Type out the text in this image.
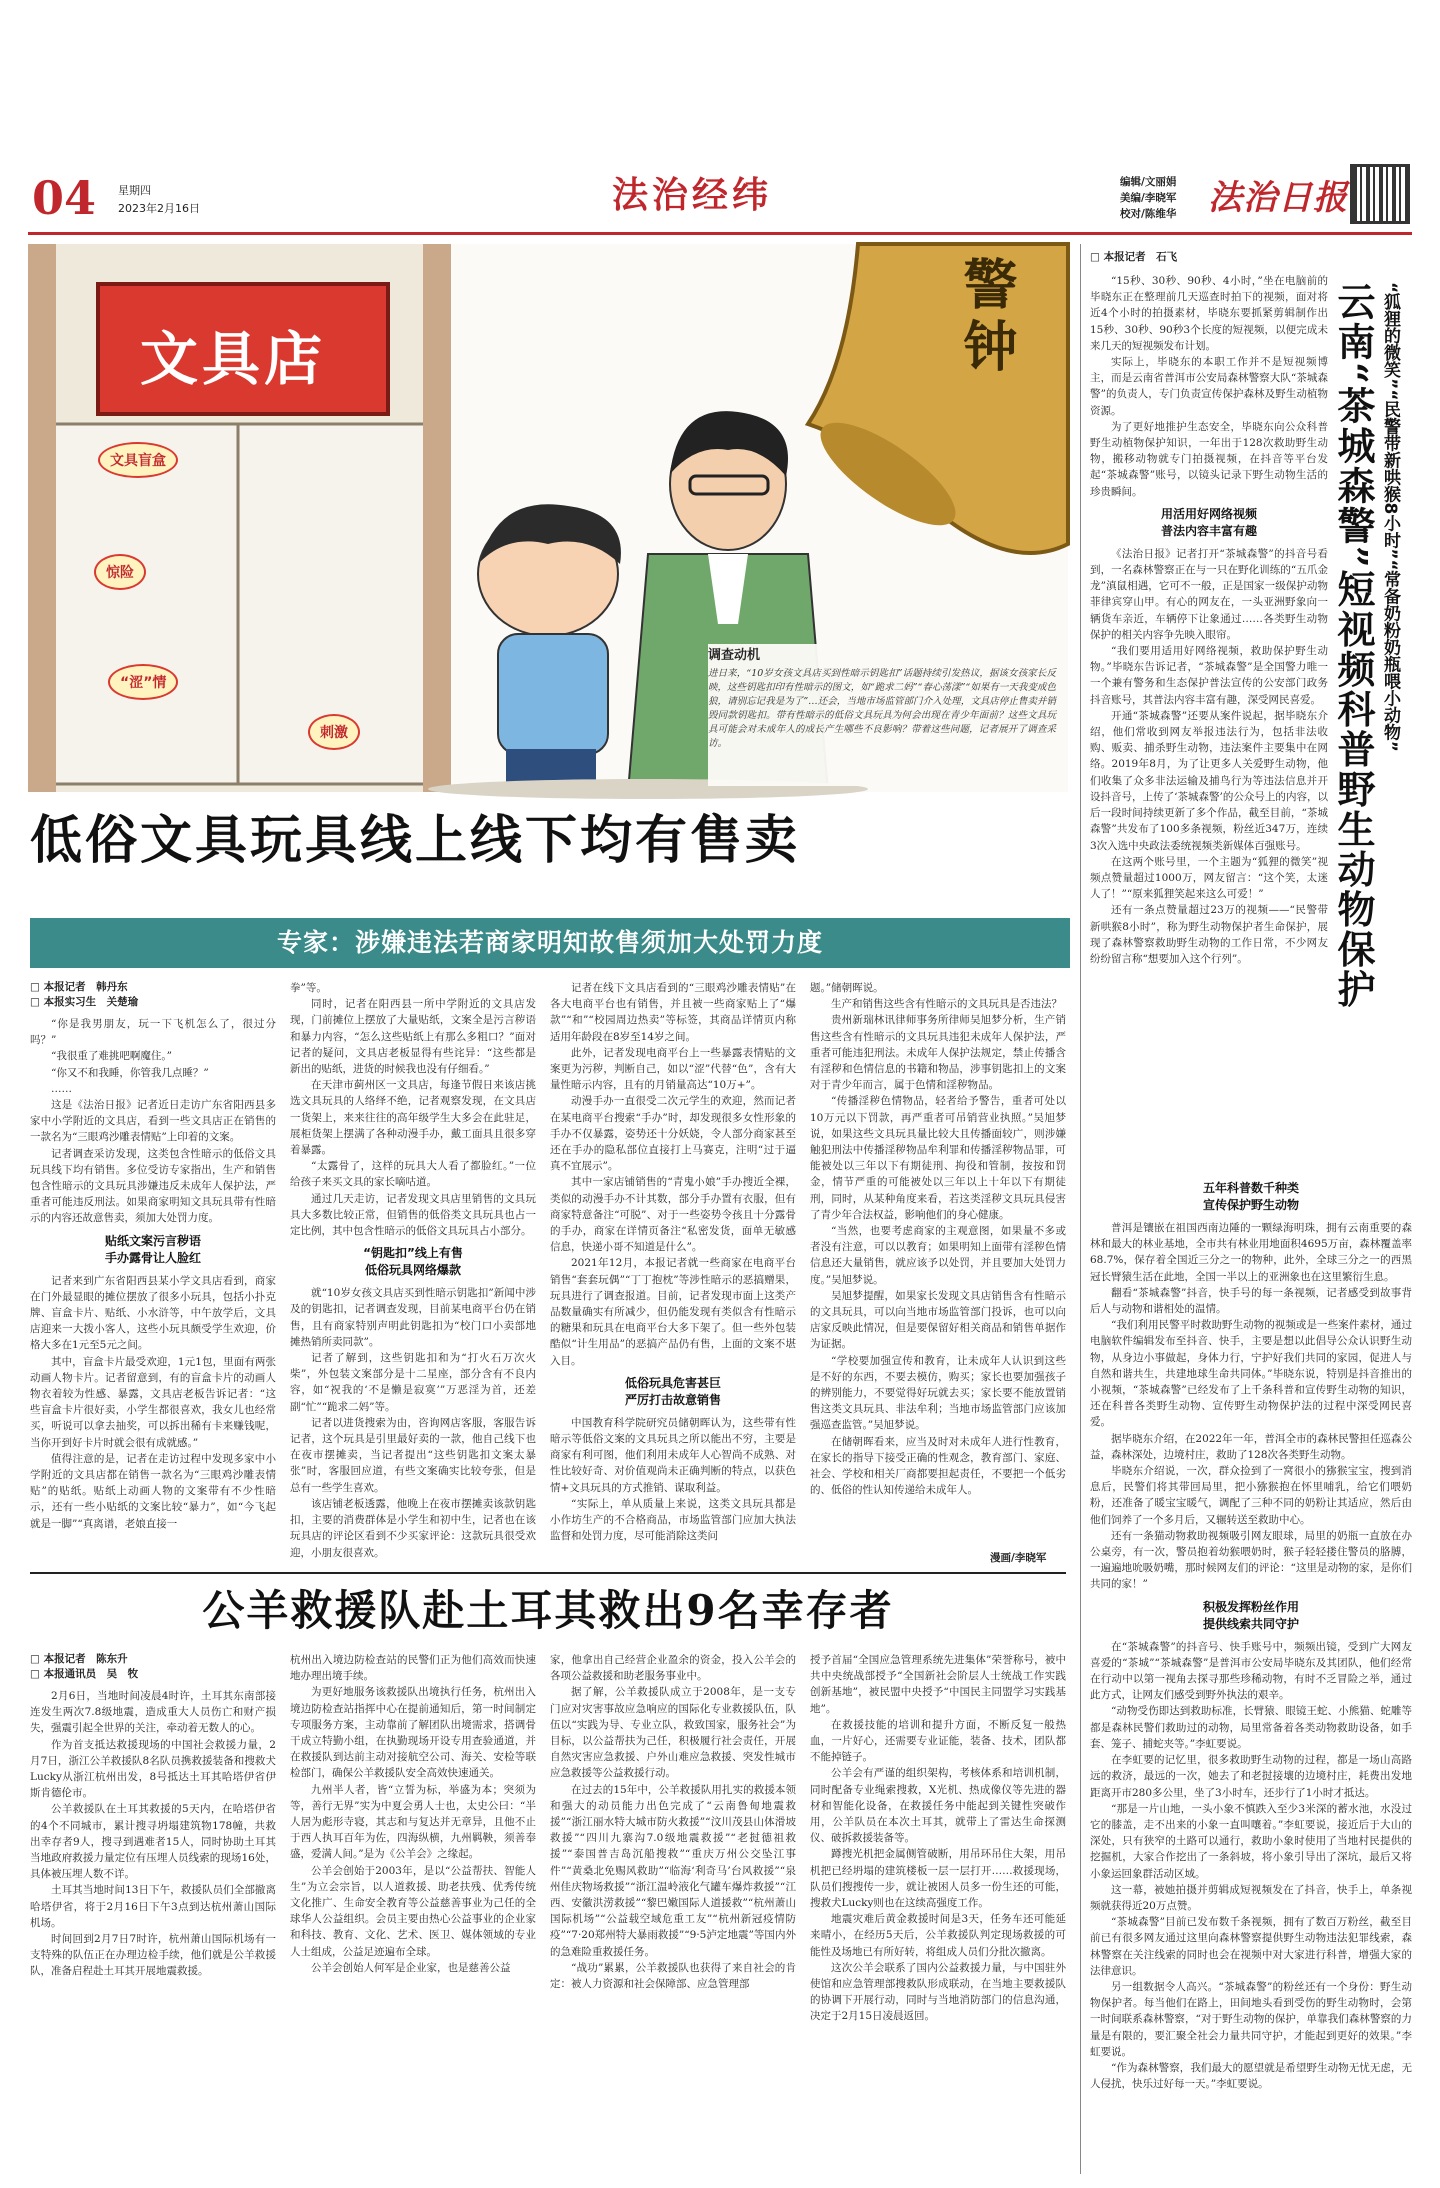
04 星期四
2023年2月16日	法治经纬	编辑/文丽娟
美编/李晓军
校对/陈维华 法治日报
文具店
文具盲盒
惊险
“涩”情
刺激
警钟
调查动机
进日来，“10岁女孩文具店买到性暗示钥匙扣”话题持续引发热议，据该女孩家长反映，这些钥匙扣印有性暗示的图文，如“跪求二妈”“春心荡漾”“如果有一天我变成色狼，请别忘记我是为了”…还会，当地市场监管部门介入处理，文具店停止售卖并销毁同款钥匙扣。带有性暗示的低俗文具玩具为何会出现在青少年面前？这些文具玩具可能会对未成年人的成长产生哪些不良影响？带着这些问题，记者展开了调查采访。
低俗文具玩具线上线下均有售卖
专家：涉嫌违法若商家明知故售须加大处罚力度
□ 本报记者　韩丹东
□ 本报实习生　关楚瑜

“你是我男朋友，玩一下飞机怎么了，很过分吗？”

“我很重了难挑吧啊魔住。”

“你又不和我睡，你管我几点睡？”

……

这是《法治日报》记者近日走访广东省阳西县多家中小学附近的文具店，看到一些文具店正在销售的一款名为“三眼鸡沙雕表情贴”上印着的文案。

记者调查采访发现，这类包含性暗示的低俗文具玩具线下均有销售。多位受访专家指出，生产和销售包含性暗示的文具玩具涉嫌违反未成年人保护法，严重者可能违反刑法。如果商家明知文具玩具带有性暗示的内容还故意售卖，须加大处罚力度。

贴纸文案污言秽语
手办露骨让人脸红

记者来到广东省阳西县某小学文具店看到，商家在门外最显眼的摊位摆放了很多小玩具，包括小扑克牌、盲盒卡片、贴纸、小水浒等，中午放学后，文具店迎来一大拨小客人，这些小玩具颇受学生欢迎，价格大多在1元至5元之间。

其中，盲盒卡片最受欢迎，1元1包，里面有两张动画人物卡片。记者留意到，有的盲盒卡片的动画人物衣着较为性感、暴露，文具店老板告诉记者：“这些盲盒卡片很好卖，小学生都很喜欢，我女儿也经常买，听说可以拿去抽奖，可以拆出稀有卡来赚钱呢，当你开到好卡片时就会很有成就感。”

值得注意的是，记者在走访过程中发现多家中小学附近的文具店都在销售一款名为“三眼鸡沙雕表情贴”的贴纸。贴纸上动画人物的文案带有不少性暗示，还有一些小贴纸的文案比较“暴力”，如“今飞起就是一脚”“真离谱，老娘直接一

拳”等。

同时，记者在阳西县一所中学附近的文具店发现，门前摊位上摆放了大量贴纸，文案全是污言秽语和暴力内容，“怎么这些贴纸上有那么多粗口？”面对记者的疑问，文具店老板显得有些诧异：“这些都是新出的贴纸，进货的时候我也没有仔细看。”

在天津市蓟州区一文具店，每逢节假日来该店挑选文具玩具的人络绎不绝，记者观察发现，在文具店一货架上，来来往往的高年级学生大多会在此驻足，展柜货架上摆满了各种动漫手办，戴工面具且很多穿着暴露。

“太露骨了，这样的玩具大人看了都脸红。”一位给孩子来买文具的家长嘀咕道。

通过几天走访，记者发现文具店里销售的文具玩具大多数比较正常，但销售的低俗类文具玩具也占一定比例，其中包含性暗示的低俗文具玩具占小部分。

“钥匙扣”线上有售
低俗玩具网络爆款

就“10岁女孩文具店买到性暗示钥匙扣”新闻中涉及的钥匙扣，记者调查发现，目前某电商平台仍在销售，且有商家特别声明此钥匙扣为“校门口小卖部地摊热销所卖同款”。

记者了解到，这些钥匙扣和为“打火石万次火柴”，外包装文案部分是十二星座，部分含有不良内容，如“祝我的‘不是懒是寂寞’”万恶淫为首，还差副“忙”“跪求二妈”等。

记者以进货搜索为由，咨询网店客服，客服告诉记者，这个玩具是引里最好卖的一款，他自己线下也在夜市摆摊卖，当记者提出“这些钥匙扣文案太暴张”时，客服回应道，有些文案确实比较夸张，但是总有一些学生喜欢。

该店铺老板透露，他晚上在夜市摆摊卖该款钥匙扣，主要的消费群体是小学生和初中生，记者也在该玩具店的评论区看到不少买家评论：这款玩具很受欢迎，小朋友很喜欢。

记者在线下文具店看到的“三眼鸡沙雕表情贴”在各大电商平台也有销售，并且被一些商家贴上了“爆款”“和”“校园周边热卖”等标签，其商品详情页内称适用年龄段在8岁至14岁之间。

此外，记者发现电商平台上一些暴露表情贴的文案更为污秽，判断自己，如以“涩”代替“色”，含有大量性暗示内容，且有的月销量高达“10万+”。

动漫手办一直很受二次元学生的欢迎，然而记者在某电商平台搜索“手办”时，却发现很多女性形象的手办不仅暴露，姿势还十分妖娆，令人部分商家甚至还在手办的隐私部位直接打上马赛克，注明“过于逼真不宜展示”。

其中一家店铺销售的“青鬼小娘”手办搜近全裸，类似的动漫手办不计其数，部分手办置有衣服，但有商家特意备注“可脱”、对于一些姿势令孩且十分露骨的手办，商家在详情页备注“私密发货，面单无敏感信息，快递小哥不知道是什么”。

2021年12月，本报记者就一些商家在电商平台销售“套套玩偶”“丁丁抱枕”等涉性暗示的恶搞赠果，玩具进行了调查报道。目前，记者发现市面上这类产品数量确实有所减少，但仍能发现有类似含有性暗示的糖果和玩具在电商平台大多下架了。但一些外包装酷似“计生用品”的恶搞产品仍有售，上面的文案不堪入目。

低俗玩具危害甚巨
严厉打击故意销售

中国教育科学院研究员储朝晖认为，这些带有性暗示等低俗文案的文具玩具之所以能出不穷，主要是商家有利可图，他们利用未成年人心智尚不成熟、对性比较好奇、对价值观尚未正确判断的特点，以获色情+文具玩具的方式推销、谋取利益。

“实际上，单从质量上来说，这类文具玩具都是小作坊生产的不合格商品，市场监管部门应加大执法监督和处罚力度，尽可能消除这类问

题。”储朝晖说。

生产和销售这些含有性暗示的文具玩具是否违法？

贵州新瑞林讯律师事务所律师吴旭梦分析，生产销售这些含有性暗示的文具玩具违犯未成年人保护法，严重者可能违犯刑法。未成年人保护法规定，禁止传播含有淫秽和色情信息的书籍和物品，涉事钥匙扣上的文案对于青少年而言，属于色情和淫秽物品。

“传播淫秽色情物品，轻者给予警告，重者可处以10万元以下罚款，再严重者可吊销营业执照。”吴旭梦说，如果这些文具玩具量比较大且传播面较广，则涉嫌触犯刑法中传播淫秽物品牟利罪和传播淫秽物品罪，可能被处以三年以下有期徒刑、拘役和管制，按按和罚金，情节严重的可能被处以三年以上十年以下有期徒刑，同时，从某种角度来看，若这类淫秽文具玩具侵害了青少年合法权益，影响他们的身心健康。

“当然，也要考虑商家的主观意图，如果量不多或者没有注意，可以以教育；如果明知上面带有淫秽色情信息还大量销售，就应该予以处罚，并且要加大处罚力度。”吴旭梦说。

吴旭梦提醒，如果家长发现文具店销售含有性暗示的文具玩具，可以向当地市场监管部门投诉，也可以向店家反映此情况，但是要保留好相关商品和销售单据作为证据。

“学校要加强宣传和教育，让未成年人认识到这些是不好的东西，不要去模仿，购买；家长也要加强孩子的辨别能力，不要觉得好玩就去买；家长要不能放置销售这类文具玩具、非法牟利；当地市场监管部门应该加强巡查监管。”吴旭梦说。

在储朝晖看来，应当及时对未成年人进行性教育，在家长的指导下接受正确的性观念，教育部门、家庭、社会、学校和相关厂商都要担起责任，不要把一个低劣的、低俗的性认知传递给未成年人。

漫画/李晓军
公羊救援队赴土耳其救出9名幸存者
□ 本报记者　陈东升
□ 本报通讯员　吴　牧

2月6日，当地时间凌晨4时许，土耳其东南部接连发生两次7.8级地震，造成重大人员伤亡和财产损失，强震引起全世界的关注，牵动着无数人的心。

作为首支抵达救援现场的中国社会救援力量，2月7日，浙江公羊救援队8名队员携救援装备和搜救犬Lucky从浙江杭州出发，8号抵达土耳其哈塔伊省伊斯肯德伦市。

公羊救援队在土耳其救援的5天内，在哈塔伊省的4个不同城市，累计搜寻坍塌建筑物178幢，共救出幸存者9人，搜寻到遇难者15人，同时协助土耳其当地政府救援力量定位有压埋人员线索的现场16处，具体被压埋人数不详。

土耳其当地时间13日下午，救援队员们全部撤离哈塔伊省，将于2月16日下午3点到达杭州萧山国际机场。

时间回到2月7日7时许，杭州萧山国际机场有一支特殊的队伍正在办理边检手续，他们就是公羊救援队，准备启程赴土耳其开展地震救援。

杭州出入境边防检查站的民警们正为他们高效而快速地办理出境手续。

为更好地服务该救援队出境执行任务，杭州出入境边防检查站指挥中心在提前通知后，第一时间制定专项服务方案，主动靠前了解团队出境需求，搭调骨干成立特勤小组，在执勤现场开设专用查验通道，并在救援队到达前主动对接航空公司、海关、安检等联检部门，确保公羊救援队安全高效快速通关。

九州半人者，皆“立誓为标，举盛为本；突须为等，善行无界”实为中夏会勇人士也，太史公曰：“半人居为彪形寺寝，其志和与复达并无章异，且他不止于西人执耳百年为佐，四海纵横，九州羁鞅，须善奉盛，爱满人间。”是为《公羊会》之缘起。

公羊会创始于2003年，是以“公益帮扶、智能人生”为立会宗旨，以人道救援、助老扶残、优秀传统文化推广、生命安全教育等公益慈善事业为己任的全球华人公益组织。会员主要由热心公益事业的企业家和科技、教育、文化、艺术、医卫、媒体领域的专业人士组成，公益足迹遍布全球。

公羊会创始人何军是企业家，也是慈善公益

家，他拿出自己经营企业盈余的资金，投入公羊会的各项公益救援和助老服务事业中。

据了解，公羊救援队成立于2008年，是一支专门应对灾害事故应急响应的国际化专业救援队伍，队伍以“实践为导、专业立队，救致国家，服务社会”为目标，以公益帮扶为己任，积极履行社会责任，开展自然灾害应急救援、户外山难应急救援、突发性城市应急救援等公益救援行动。

在过去的15年中，公羊救援队用扎实的救援本领和强大的动员能力出色完成了“云南鲁甸地震救援”“浙江丽水特大城市防火救援”“汶川茂县山体滑坡救援”“四川九寨沟7.0级地震救援”“老挝德祖救援”“泰国普吉岛沉船搜救”“重庆万州公交坠江事件”“黄桑北免赐风救助”“临海‘利奇马’台风救援”“泉州佳庆物场救援”“浙江温岭液化气罐车爆炸救援”“江西、安徽洪涝救援”“黎巴嫩国际人道援救”“杭州萧山国际机场”“公益载空域危重工友”“杭州新冠疫情防疫”“7·20郑州特大暴雨救援”“9·5泸定地震”等国内外的急难险重救援任务。

“战功”累累，公羊救援队也获得了来自社会的肯定：被人力资源和社会保障部、应急管理部

授予首届“全国应急管理系统先进集体”荣誉称号，被中共中央统战部授予“全国新社会阶层人士统战工作实践创新基地”，被民盟中央授予“中国民主同盟学习实践基地”。

在救援技能的培训和提升方面，不断反复一般热血，一片好心，还需要专业证能，装备、技术，团队都不能掉链子。

公羊会有严谨的组织架构，考核体系和培训机制，同时配备专业绳索搜救，X光机、热成像仪等先进的器材和智能化设备，在救援任务中能起到关键性突破作用，公羊队员在本次土耳其，就带上了雷达生命探测仪、破拆救援装备等。

蹲搜光机把金属侧管破断，用吊环吊住大架，用吊机把已经坍塌的建筑楼板一层一层打开……救援现场，队员们搜搜传一步，就让被困人员多一份生还的可能，搜救犬Lucky则也在这续高强度工作。

地震灾难后黄金救援时间是3天，任务车还可能延来晴小，在经历5天后，公羊救援队判定现场救援的可能性及场地已有所好转，将组成人员们分批次撤离。

这次公羊会联系了国内公益救援力量，与中国驻外使馆和应急管理部搜救队形成联动，在当地主要救援队的协调下开展行动，同时与当地消防部门的信息沟通，决定于2月15日凌晨返回。

□ 本报记者　石飞

“15秒、30秒、90秒、4小时，”坐在电脑前的毕晓东正在整理前几天巡查时拍下的视频，面对将近4个小时的拍摄素材，毕晓东要抓紧剪辑制作出15秒、30秒、90秒3个长度的短视频，以便完成未来几天的短视频发布计划。

实际上，毕晓东的本职工作并不是短视频博主，而是云南省普洱市公安局森林警察大队“茶城森警”的负责人，专门负责宣传保护森林及野生动植物资源。

为了更好地推护生态安全，毕晓东向公众科普野生动植物保护知识，一年出于128次救助野生动物，搬移动物就专门拍摄视频，在抖音等平台发起“茶城森警”账号，以镜头记录下野生动物生活的珍贵瞬间。

用活用好网络视频
普法内容丰富有趣

《法治日报》记者打开“茶城森警”的抖音号看到，一名森林警察正在与一只在野化训练的“五爪金龙”滇鼠相遇，它可不一般，正是国家一级保护动物菲律宾穿山甲。有心的网友在，一头亚洲野象向一辆货车亲近，车辆停下让象通过……各类野生动物保护的相关内容争先映入眼帘。

“我们要用适用好网络视频，救助保护野生动物。”毕晓东告诉记者，“茶城森警”是全国警力唯一一个兼有警务和生态保护普法宣传的公安部门政务抖音账号，其普法内容丰富有趣，深受网民喜爱。

开通“茶城森警”还要从案件说起，据毕晓东介绍，他们常收到网友举报违法行为，包括非法收购、贩卖、捕杀野生动物，违法案件主要集中在网络。2019年8月，为了让更多人关爱野生动物，他们收集了众多非法运输及捕鸟行为等违法信息并开设抖音号，上传了‘茶城森警’的公众号上的内容，以后一段时间持续更新了多个作品，截至目前，“茶城森警”共发布了100多条视频，粉丝近347万，连续3次入选中央政法委统视频类新媒体百强账号。

在这两个账号里，一个主题为“狐狸的微笑”视频点赞量超过1000万，网友留言：“这个笑，太迷人了！”“原来狐狸笑起来这么可爱！”

还有一条点赞量超过23万的视频——“民警带新哄猴8小时”，称为野生动物保护者生命保护，展现了森林警察救助野生动物的工作日常，不少网友纷纷留言称“想要加入这个行列”。

“狐狸的微笑”“民警带新哄猴8小时”“常备奶粉奶瓶喂小动物”
云南“茶城森警”短视频科普野生动物保护
五年科普数千种类
宣传保护野生动物

普洱是镶嵌在祖国西南边陲的一颗绿海明珠，拥有云南重要的森林和最大的林业基地，全市共有林业用地面积4695万亩，森林覆盖率68.7%，保存着全国近三分之一的物种，此外，全球三分之一的西黑冠长臂猿生活在此地，全国一半以上的亚洲象也在这里繁衍生息。

翻看“茶城森警”抖音，快手号的每一条视频，记者感受到故事背后人与动物和谐相处的温情。

“我们利用民警平时救助野生动物的视频或是一些案件素材，通过电脑软件编辑发布至抖音、快手，主要是想以此倡导公众认识野生动物，从身边小事做起，身体力行，宁护好我们共同的家园，促进人与自然和谐共生，共建地球生命共同体。”毕晓东说，特别是抖音推出的小视频，“茶城森警”已经发布了上千条科普和宣传野生动物的知识，还在科普各类野生动物、宣传野生动物保护法的过程中深受网民喜爱。

据毕晓东介绍，在2022年一年，普洱全市的森林民警担任巡森公益，森林深处，边境村庄，救助了128次各类野生动物。

毕晓东介绍说，一次，群众捡到了一窝很小的猕猴宝宝，搜到消息后，民警们将其带回局里，把小猕猴抱在怀里哺乳，给它们喂奶粉，还准备了暖宝宝暖气，调配了三种不同的奶粉让其适应，然后由他们饲养了一个多月后，又辗转送至救助中心。

还有一条猫动物救助视频吸引网友眼球，局里的奶瓶一直放在办公桌旁，有一次，警员抱着幼猴喂奶时，猴子轻轻搂住警员的胳膊，一遍遍地吮吸奶嘴，那时候网友们的评论：“这里是动物的家，是你们共同的家！”

积极发挥粉丝作用
提供线索共同守护

在“茶城森警”的抖音号、快手账号中，频频出镜，受到广大网友喜爱的“茶城”“茶城森警”是普洱市公安局毕晓东及其团队，他们经常在行动中以第一视角去探寻那些珍稀动物，有时不乏冒险之举，通过此方式，让网友们感受到野外执法的艰辛。

“动物受伤即达到救助标准，长臂猿、眼镜王蛇、小熊猫、蛇雕等都是森林民警们救助过的动物，局里常备着各类动物救助设备，如手套、笼子、捕蛇夹等。”李虹要说。

在李虹要的记忆里，很多救助野生动物的过程，都是一场山高路远的救济，最远的一次，她去了和老挝接壤的边境村庄，耗费出发地距离开市280多公里，坐了3小时车，还步行了1小时才抵达。

“那是一片山地，一头小象不慎跌入至少3米深的蓄水池，水没过它的膝盖，走不出来的小象一直叫嚷着。”李虹要说，接近后于大山的深处，只有狭窄的土路可以通行，救助小象时使用了当地村民提供的挖掘机，大家合作挖出了一条斜坡，将小象引导出了深坑，最后又将小象运回象群活动区域。

这一幕，被她拍摄并剪辑成短视频发在了抖音，快手上，单条视频就获得近20万点赞。

“茶城森警”目前已发布数千条视频，拥有了数百万粉丝，截至目前已有很多网友通过这里向森林警察提供野生动物违法犯罪线索，森林警察在关注线索的同时也会在视频中对大家进行科普，增强大家的法律意识。

另一组数据令人高兴。“茶城森警”的粉丝还有一个身份：野生动物保护者。每当他们在路上，田间地头看到受伤的野生动物时，会第一时间联系森林警察，“对于野生动物的保护，单靠我们森林警察的力量是有限的，要汇聚全社会力量共同守护，才能起到更好的效果。”李虹要说。

“作为森林警察，我们最大的愿望就是希望野生动物无忧无虑，无人侵扰，快乐过好每一天。”李虹要说。
